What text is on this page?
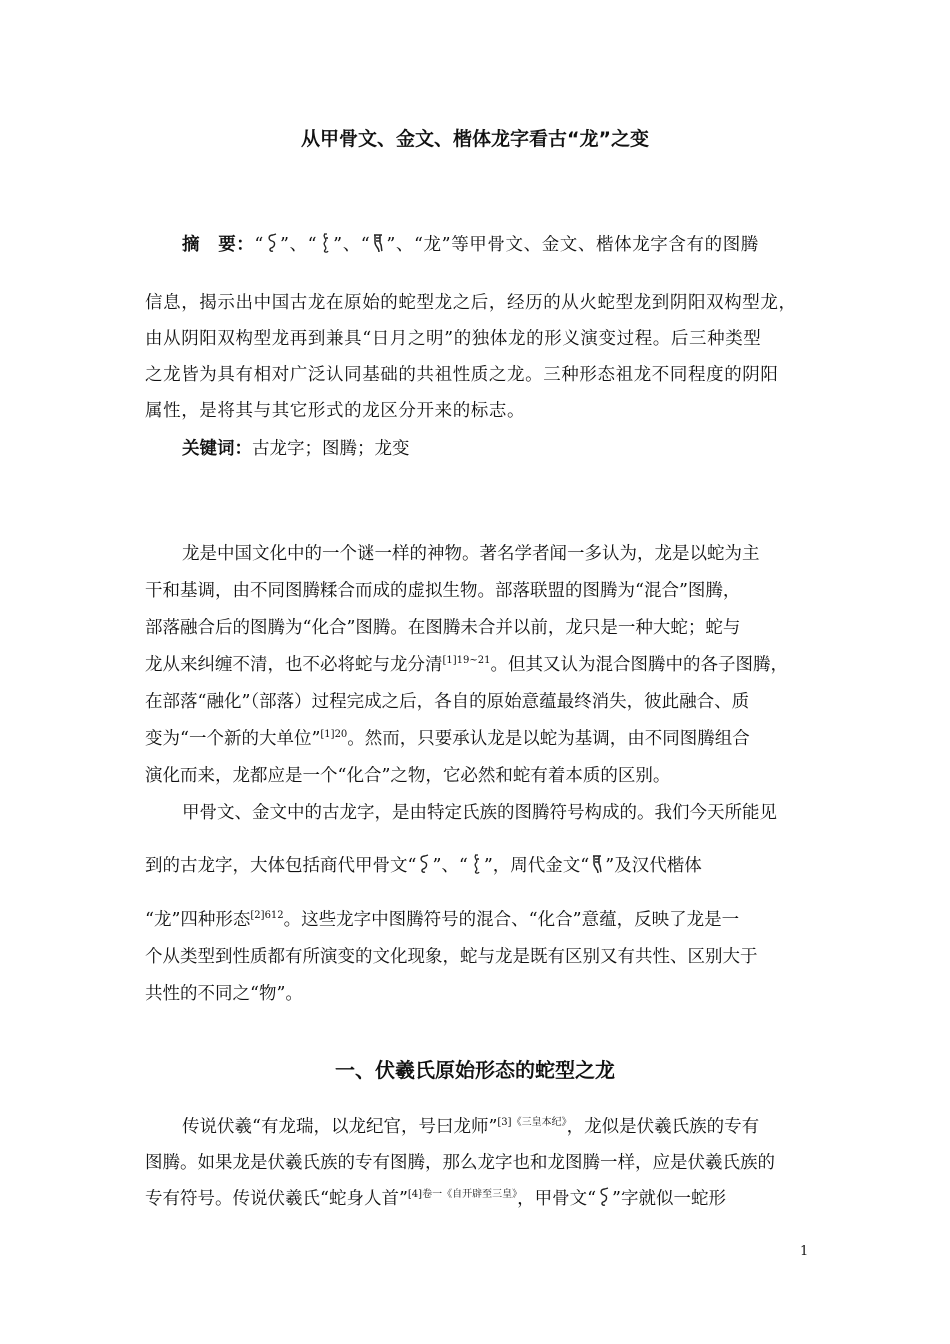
从甲骨文、金文、楷体龙字看古“龙”之变
摘　要：“ ”、“ ”、“ ”、“龙”等甲骨文、金文、楷体龙字含有的图腾
信息，揭示出中国古龙在原始的蛇型龙之后，经历的从火蛇型龙到阴阳双构型龙，
由从阴阳双构型龙再到兼具“日月之明”的独体龙的形义演变过程。后三种类型
之龙皆为具有相对广泛认同基础的共祖性质之龙。三种形态祖龙不同程度的阴阳
属性，是将其与其它形式的龙区分开来的标志。
关键词：古龙字；图腾；龙变
龙是中国文化中的一个谜一样的神物。著名学者闻一多认为，龙是以蛇为主
干和基调，由不同图腾糅合而成的虚拟生物。部落联盟的图腾为“混合”图腾，
部落融合后的图腾为“化合”图腾。在图腾未合并以前，龙只是一种大蛇；蛇与
龙从来纠缠不清，也不必将蛇与龙分清$^{[1]19\sim 21}$。但其又认为混合图腾中的各子图腾，
在部落“融化”（部落）过程完成之后，各自的原始意蕴最终消失，彼此融合、质
变为“一个新的大单位”$^{[1]20}$。然而，只要承认龙是以蛇为基调，由不同图腾组合
演化而来，龙都应是一个“化合”之物，它必然和蛇有着本质的区别。
甲骨文、金文中的古龙字，是由特定氏族的图腾符号构成的。我们今天所能见
到的古龙字，大体包括商代甲骨文“ ”、“ ”，周代金文“ ”及汉代楷体
“龙”四种形态$^{[2]612}$。这些龙字中图腾符号的混合、“化合”意蕴，反映了龙是一
个从类型到性质都有所演变的文化现象，蛇与龙是既有区别又有共性、区别大于
共性的不同之“物”。
一、伏羲氏原始形态的蛇型之龙
传说伏羲“有龙瑞，以龙纪官，号曰龙师”$^{[3]《三皇本纪》}$，龙似是伏羲氏族的专有
图腾。如果龙是伏羲氏族的专有图腾，那么龙字也和龙图腾一样，应是伏羲氏族的
专有符号。传说伏羲氏“蛇身人首”$^{[4]卷一《自开辟至三皇》}$，甲骨文“ ”字就似一蛇形
1
